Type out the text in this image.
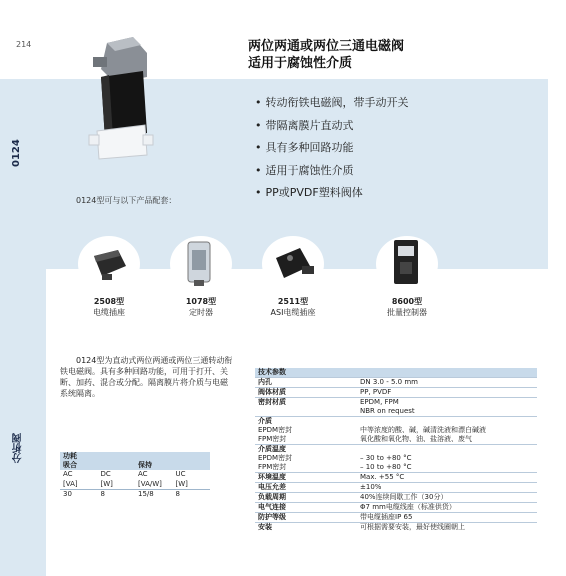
0124
分析阀
214	两位两通或两位三通电磁阀
适用于腐蚀性介质
• 转动衔铁电磁阀，带手动开关
• 带隔离膜片直动式
• 具有多种回路功能
• 适用于腐蚀性介质
• PP或PVDF塑料阀体
0124型可与以下产品配套：
2508型
电缆插座
1078型
定时器
2511型
ASI电缆插座
8600型
批量控制器

0124型为直动式两位两通或两位三通转动衔铁电磁阀。具有多种回路功能，可用于打开、关断、加药、混合或分配。隔离膜片将介质与电磁系统隔离。

功耗			
吸合		保持	
AC	DC	AC	UC
[VA]	[W]	[VA/W]	[W]
30	8	15/8	8
技术参数	
内孔	DN 3.0 - 5.0 mm
阀体材质	PP, PVDF
密封材质	EPDM, FPM
	NBR on request
介质	
EPDM密封	中等浓度的酸、碱，碱清洗液和漂白碱液
FPM密封	氧化酸和氧化物、油、盐溶液、废气
介质温度	
EPDM密封	– 30 to +80 °C
FPM密封	– 10 to +80 °C
环境温度	Max. +55 °C
电压允差	±10%
负载周期	40%连续间歇工作（30分）
电气连接	Φ7 mm电缆线座（标准供货）
防护等级	带电缆插座IP 65
安装	可根据需要安装，最好使线圈朝上
